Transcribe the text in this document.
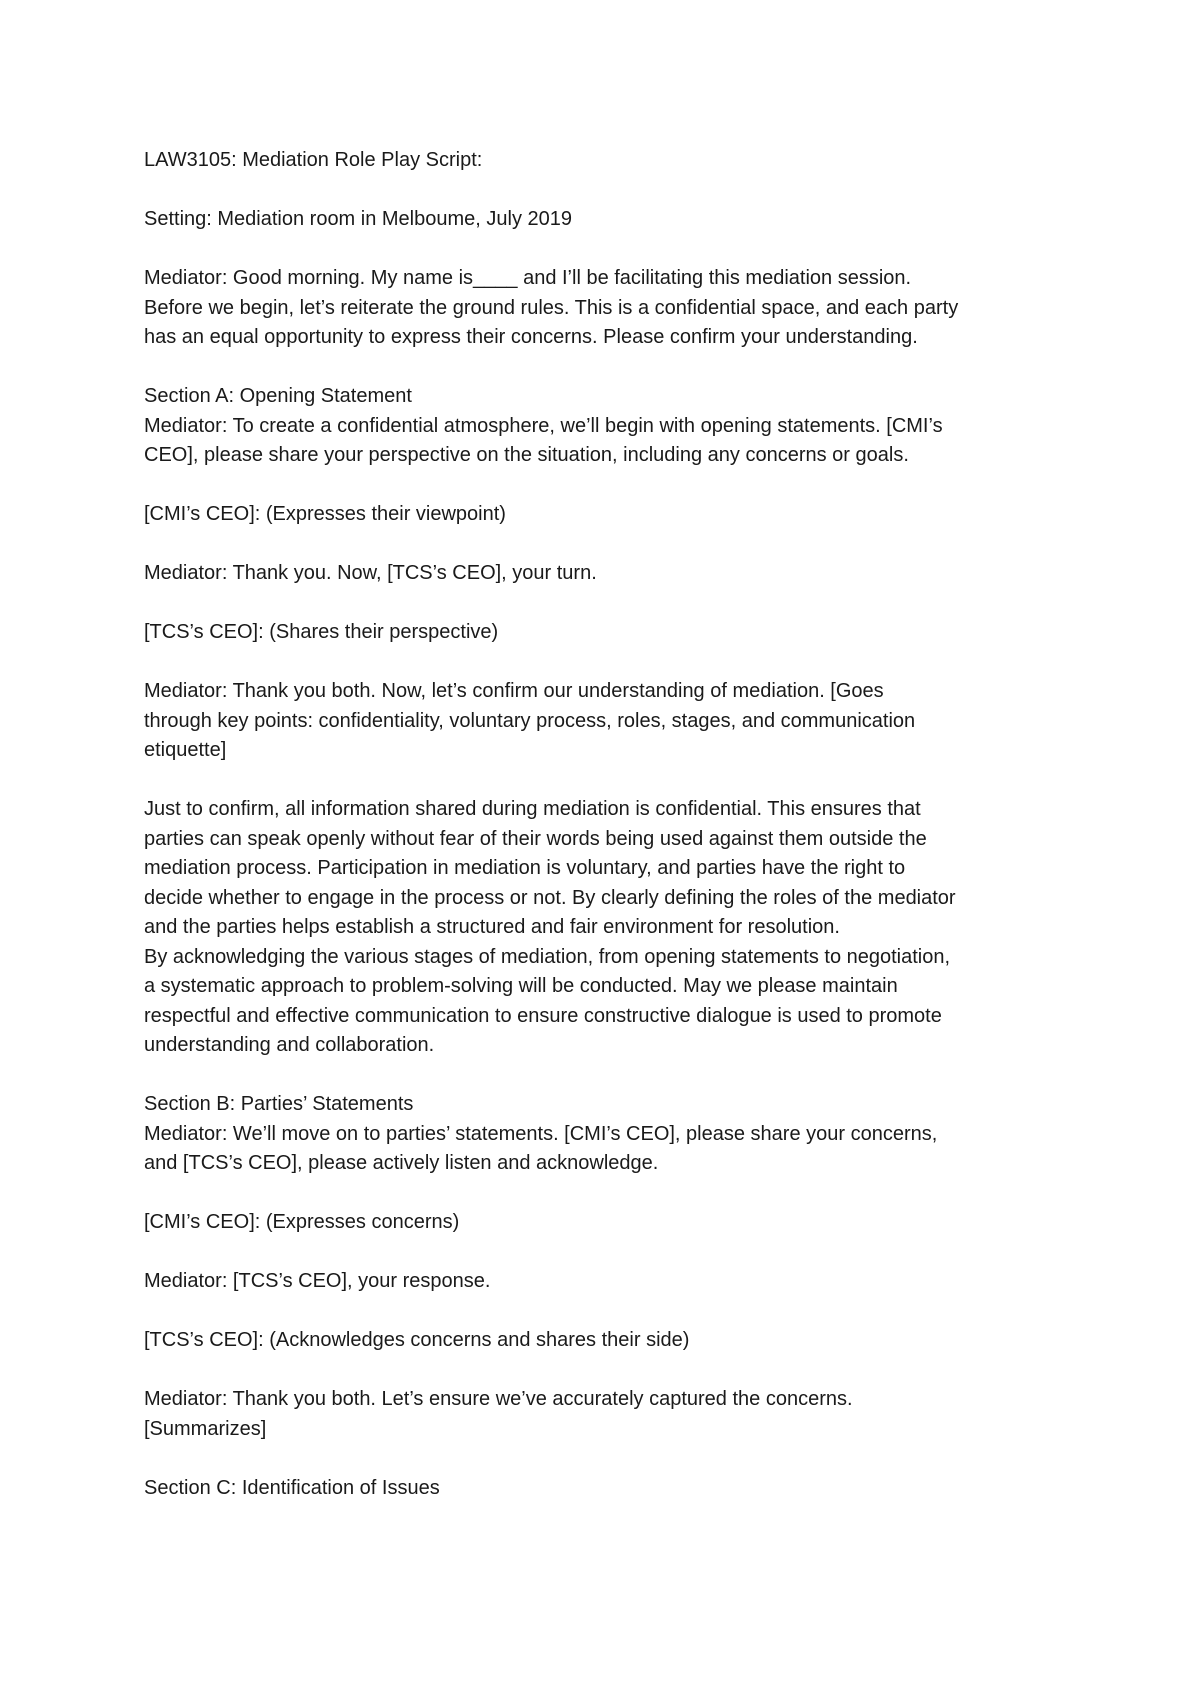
LAW3105: Mediation Role Play Script:

Setting: Mediation room in Melboume, July 2019

Mediator: Good morning. My name is____ and I’ll be facilitating this mediation session.

Before we begin, let’s reiterate the ground rules. This is a confidential space, and each party

has an equal opportunity to express their concerns. Please confirm your understanding.

Section A: Opening Statement

Mediator: To create a confidential atmosphere, we’ll begin with opening statements. [CMI’s

CEO], please share your perspective on the situation, including any concerns or goals.

[CMI’s CEO]: (Expresses their viewpoint)

Mediator: Thank you. Now, [TCS’s CEO], your turn.

[TCS’s CEO]: (Shares their perspective)

Mediator: Thank you both. Now, let’s confirm our understanding of mediation. [Goes

through key points: confidentiality, voluntary process, roles, stages, and communication

etiquette]

Just to confirm, all information shared during mediation is confidential. This ensures that

parties can speak openly without fear of their words being used against them outside the

mediation process. Participation in mediation is voluntary, and parties have the right to

decide whether to engage in the process or not. By clearly defining the roles of the mediator

and the parties helps establish a structured and fair environment for resolution.

By acknowledging the various stages of mediation, from opening statements to negotiation,

a systematic approach to problem-solving will be conducted. May we please maintain

respectful and effective communication to ensure constructive dialogue is used to promote

understanding and collaboration.

Section B: Parties’ Statements

Mediator: We’ll move on to parties’ statements. [CMI’s CEO], please share your concerns,

and [TCS’s CEO], please actively listen and acknowledge.

[CMI’s CEO]: (Expresses concerns)

Mediator: [TCS’s CEO], your response.

[TCS’s CEO]: (Acknowledges concerns and shares their side)

Mediator: Thank you both. Let’s ensure we’ve accurately captured the concerns.

[Summarizes]

Section C: Identification of Issues
